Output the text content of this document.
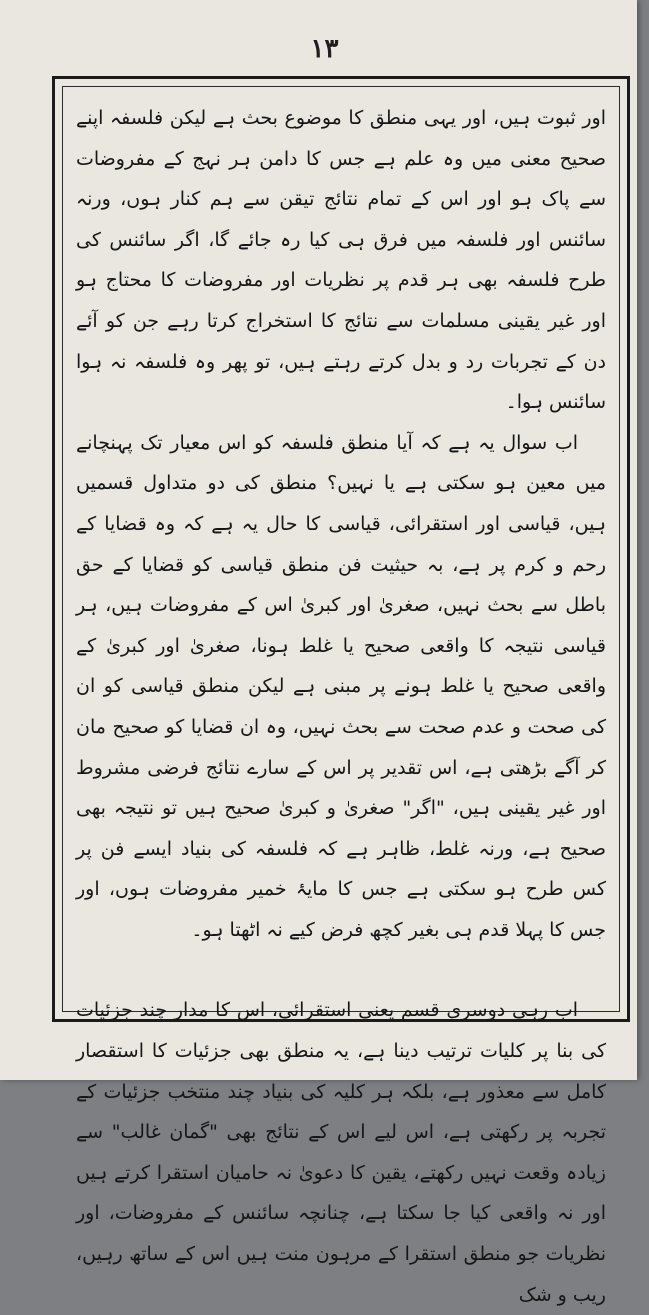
۱۳

اور ثبوت ہیں، اور یہی منطق کا موضوع بحث ہے لیکن فلسفہ اپنے صحیح معنی میں وہ علم ہے جس کا دامن ہر نہج کے مفروضات سے پاک ہو اور اس کے تمام نتائج تیقن سے ہم کنار ہوں، ورنہ سائنس اور فلسفہ میں فرق ہی کیا رہ جائے گا، اگر سائنس کی طرح فلسفہ بھی ہر قدم پر نظریات اور مفروضات کا محتاج ہو اور غیر یقینی مسلمات سے نتائج کا استخراج کرتا رہے جن کو آئے دن کے تجربات رد و بدل کرتے رہتے ہیں، تو پھر وہ فلسفہ نہ ہوا سائنس ہوا۔

اب سوال یہ ہے کہ آیا منطق فلسفہ کو اس معیار تک پہنچانے میں معین ہو سکتی ہے یا نہیں؟ منطق کی دو متداول قسمیں ہیں، قیاسی اور استقرائی، قیاسی کا حال یہ ہے کہ وہ قضایا کے رحم و کرم پر ہے، بہ حیثیت فن منطق قیاسی کو قضایا کے حق باطل سے بحث نہیں، صغریٰ اور کبریٰ اس کے مفروضات ہیں، ہر قیاسی نتیجہ کا واقعی صحیح یا غلط ہونا، صغریٰ اور کبریٰ کے واقعی صحیح یا غلط ہونے پر مبنی ہے لیکن منطق قیاسی کو ان کی صحت و عدم صحت سے بحث نہیں، وہ ان قضایا کو صحیح مان کر آگے بڑھتی ہے، اس تقدیر پر اس کے سارے نتائج فرضی مشروط اور غیر یقینی ہیں، "اگر" صغریٰ و کبریٰ صحیح ہیں تو نتیجہ بھی صحیح ہے، ورنہ غلط، ظاہر ہے کہ فلسفہ کی بنیاد ایسے فن پر کس طرح ہو سکتی ہے جس کا مایۂ خمیر مفروضات ہوں، اور جس کا پہلا قدم ہی بغیر کچھ فرض کیے نہ اٹھتا ہو۔

اب رہی دوسری قسم یعنی استقرائی، اس کا مدار چند جزئیات کی بنا پر کلیات ترتیب دینا ہے، یہ منطق بھی جزئیات کا استقصار کامل سے معذور ہے، بلکہ ہر کلیہ کی بنیاد چند منتخب جزئیات کے تجربہ پر رکھتی ہے، اس لیے اس کے نتائج بھی "گمان غالب" سے زیادہ وقعت نہیں رکھتے، یقین کا دعویٰ نہ حامیان استقرا کرتے ہیں اور نہ واقعی کیا جا سکتا ہے، چنانچہ سائنس کے مفروضات، اور نظریات جو منطق استقرا کے مرہون منت ہیں اس کے ساتھ رہیں، ریب و شک
